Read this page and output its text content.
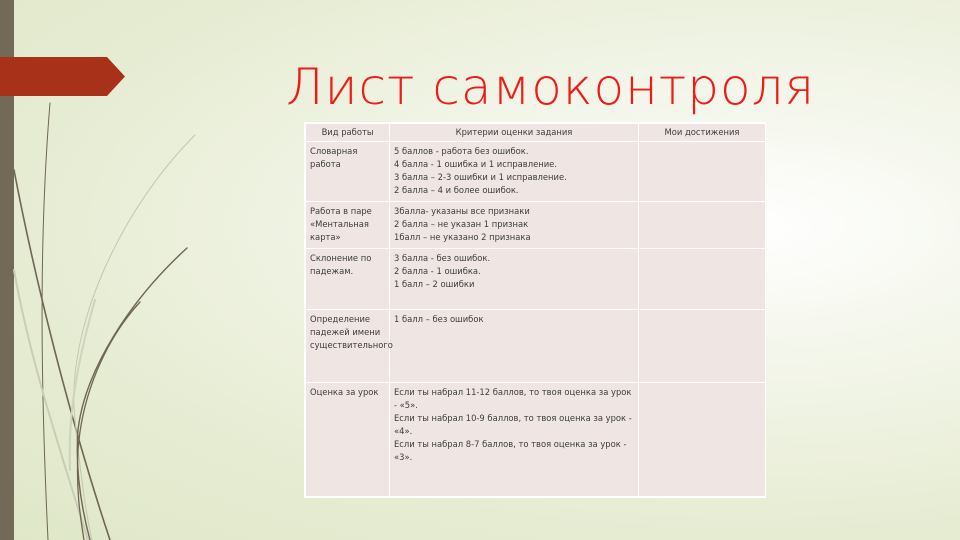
Лист самоконтроля
Вид работы	Критерии оценки задания	Мои достижения
Словарная работа	5 баллов - работа без ошибок.
4 балла - 1 ошибка и 1 исправление.
3 балла – 2-3 ошибки и 1 исправление.
2 балла – 4 и более ошибок.	

Работа в паре «Ментальная карта»	3балла- указаны все признаки
2 балла – не указан 1 признак
1балл – не указано 2 признака	

Склонение по падежам.	3 балла - без ошибок.
2 балла - 1 ошибка.
1 балл – 2 ошибки	

Определение падежей имени существительного	1 балл – без ошибок	

Оценка за урок	Если ты набрал 11-12 баллов, то твоя оценка за урок - «5».
Если ты набрал 10-9 баллов, то твоя оценка за урок - «4».
Если ты набрал 8-7 баллов, то твоя оценка за урок - «3».	
